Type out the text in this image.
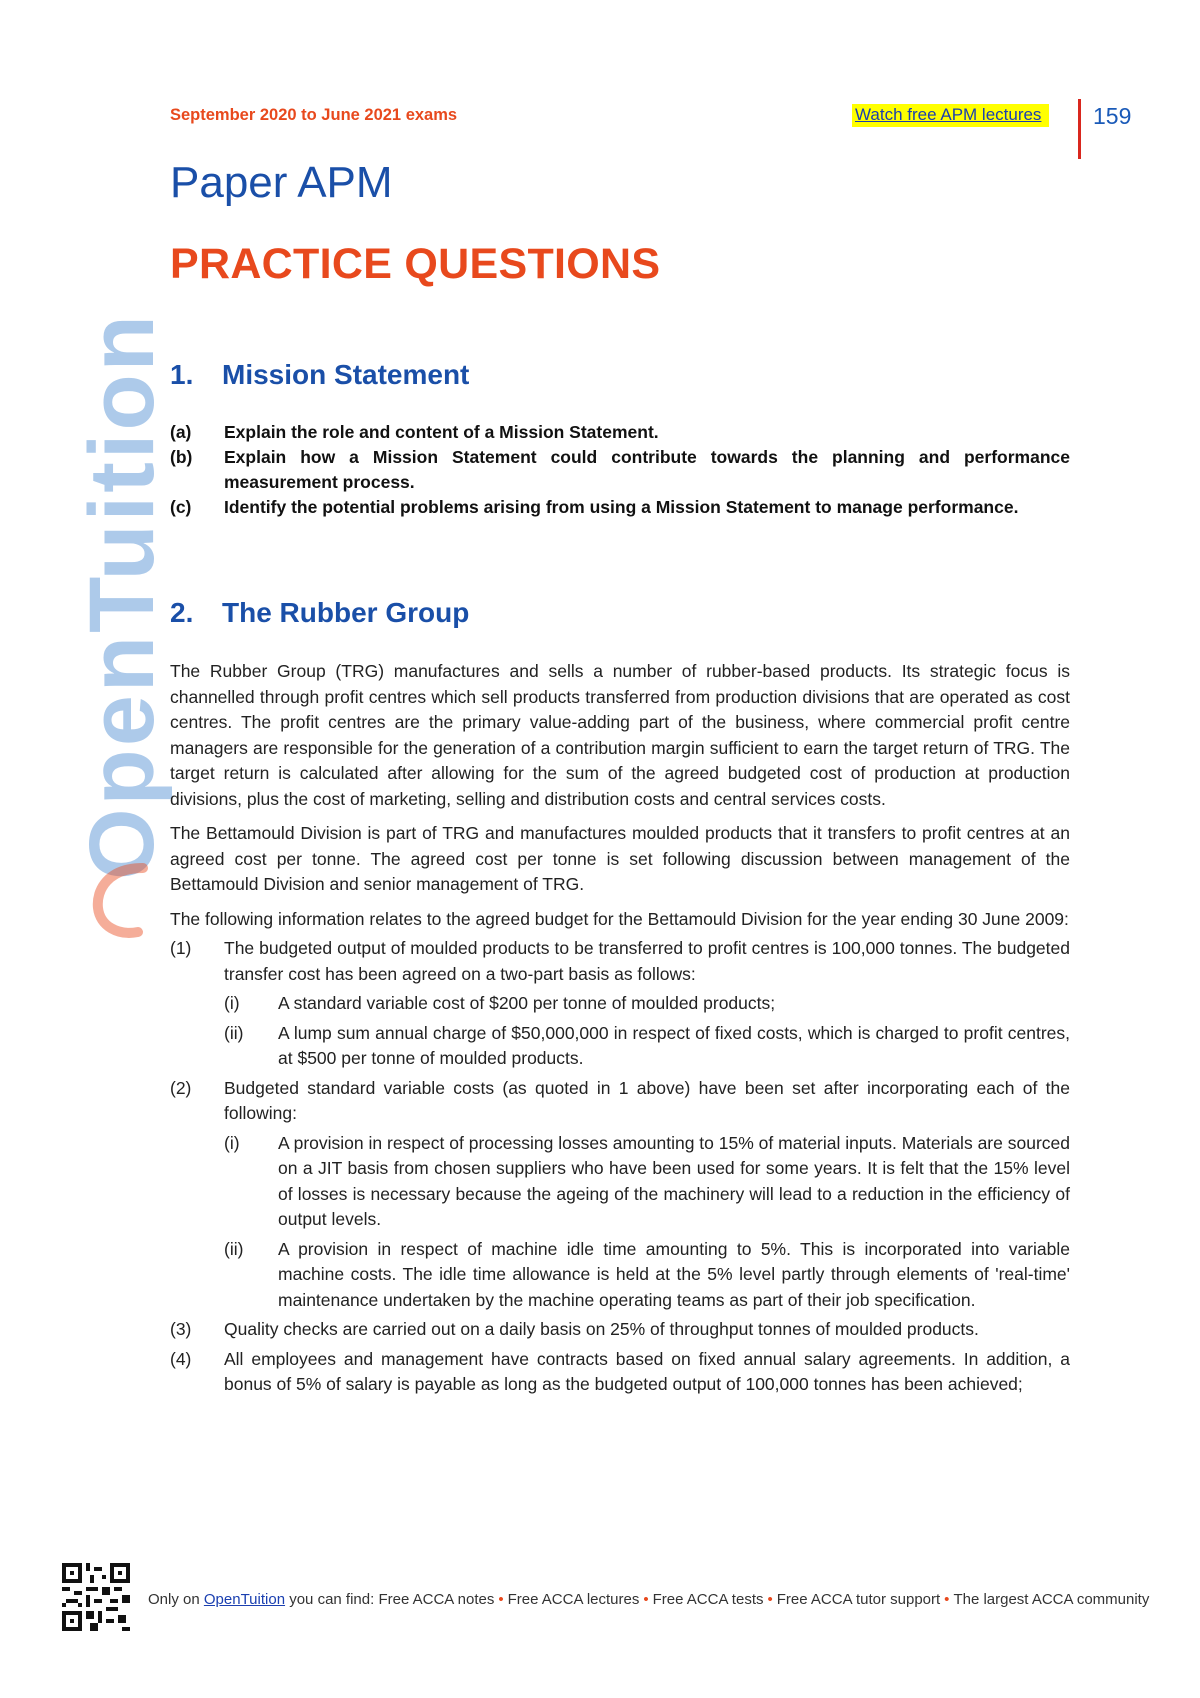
September 2020 to June 2021 exams	Watch free APM lectures	159
OpenTuition
Paper APM
PRACTICE QUESTIONS
1. Mission Statement
(a)	Explain the role and content of a Mission Statement.
(b)	Explain how a Mission Statement could contribute towards the planning and performance measurement process.
(c)	Identify the potential problems arising from using a Mission Statement to manage performance.
2. The Rubber Group

The Rubber Group (TRG) manufactures and sells a number of rubber-based products. Its strategic focus is channelled through profit centres which sell products transferred from production divisions that are operated as cost centres. The profit centres are the primary value-adding part of the business, where commercial profit centre managers are responsible for the generation of a contribution margin sufficient to earn the target return of TRG. The target return is calculated after allowing for the sum of the agreed budgeted cost of production at production divisions, plus the cost of marketing, selling and distribution costs and central services costs.

The Bettamould Division is part of TRG and manufactures moulded products that it transfers to profit centres at an agreed cost per tonne. The agreed cost per tonne is set following discussion between management of the Bettamould Division and senior management of TRG.

The following information relates to the agreed budget for the Bettamould Division for the year ending 30 June 2009:

(1)	The budgeted output of moulded products to be transferred to profit centres is 100,000 tonnes. The budgeted transfer cost has been agreed on a two-part basis as follows:
(i)	A standard variable cost of $200 per tonne of moulded products;
(ii)	A lump sum annual charge of $50,000,000 in respect of fixed costs, which is charged to profit centres, at $500 per tonne of moulded products.
(2)	Budgeted standard variable costs (as quoted in 1 above) have been set after incorporating each of the following:
(i)	A provision in respect of processing losses amounting to 15% of material inputs. Materials are sourced on a JIT basis from chosen suppliers who have been used for some years. It is felt that the 15% level of losses is necessary because the ageing of the machinery will lead to a reduction in the efficiency of output levels.
(ii)	A provision in respect of machine idle time amounting to 5%. This is incorporated into variable machine costs. The idle time allowance is held at the 5% level partly through elements of 'real-time' maintenance undertaken by the machine operating teams as part of their job specification.
(3)	Quality checks are carried out on a daily basis on 25% of throughput tonnes of moulded products.
(4)	All employees and management have contracts based on fixed annual salary agreements. In addition, a bonus of 5% of salary is payable as long as the budgeted output of 100,000 tonnes has been achieved;
Only on OpenTuition you can find: Free ACCA notes • Free ACCA lectures • Free ACCA tests • Free ACCA tutor support • The largest ACCA community
